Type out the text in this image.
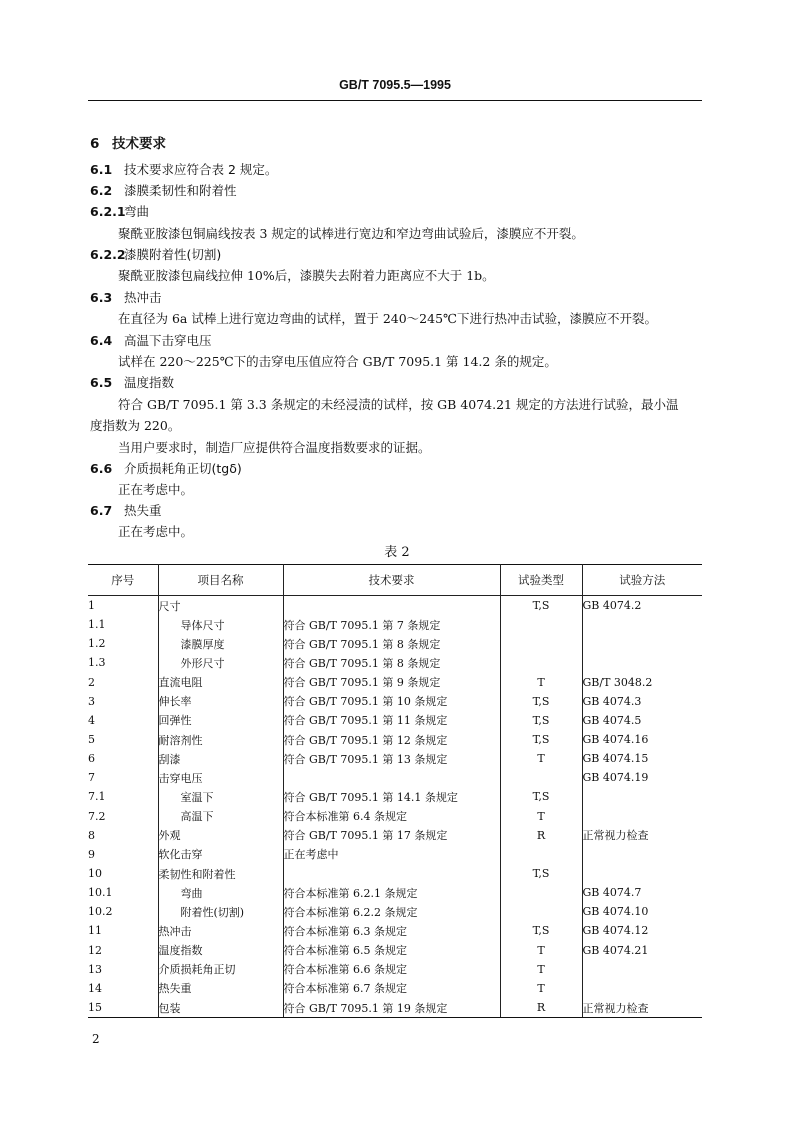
GB/T 7095.5—1995
6 技术要求
6.1 技术要求应符合表 2 规定。
6.2 漆膜柔韧性和附着性
6.2.1弯曲
聚酰亚胺漆包铜扁线按表 3 规定的试棒进行宽边和窄边弯曲试验后，漆膜应不开裂。
6.2.2漆膜附着性(切割)
聚酰亚胺漆包扁线拉伸 10%后，漆膜失去附着力距离应不大于 1b。
6.3 热冲击
在直径为 6a 试棒上进行宽边弯曲的试样，置于 240～245℃下进行热冲击试验，漆膜应不开裂。
6.4 高温下击穿电压
试样在 220～225℃下的击穿电压值应符合 GB/T 7095.1 第 14.2 条的规定。
6.5 温度指数
符合 GB/T 7095.1 第 3.3 条规定的未经浸渍的试样，按 GB 4074.21 规定的方法进行试验，最小温
度指数为 220。
当用户要求时，制造厂应提供符合温度指数要求的证据。
6.6 介质损耗角正切(tgδ)
正在考虑中。
6.7 热失重
正在考虑中。
表 2
序号	项目名称	技术要求	试验类型	试验方法
1	尺寸		T,S	GB 4074.2
1.1	导体尺寸	符合 GB/T 7095.1 第 7 条规定		
1.2	漆膜厚度	符合 GB/T 7095.1 第 8 条规定		
1.3	外形尺寸	符合 GB/T 7095.1 第 8 条规定		
2	直流电阻	符合 GB/T 7095.1 第 9 条规定	T	GB/T 3048.2
3	伸长率	符合 GB/T 7095.1 第 10 条规定	T,S	GB 4074.3
4	回弹性	符合 GB/T 7095.1 第 11 条规定	T,S	GB 4074.5
5	耐溶剂性	符合 GB/T 7095.1 第 12 条规定	T,S	GB 4074.16
6	刮漆	符合 GB/T 7095.1 第 13 条规定	T	GB 4074.15
7	击穿电压			GB 4074.19
7.1	室温下	符合 GB/T 7095.1 第 14.1 条规定	T,S	
7.2	高温下	符合本标准第 6.4 条规定	T	
8	外观	符合 GB/T 7095.1 第 17 条规定	R	正常视力检查
9	软化击穿	正在考虑中		
10	柔韧性和附着性		T,S	
10.1	弯曲	符合本标准第 6.2.1 条规定		GB 4074.7
10.2	附着性(切割)	符合本标准第 6.2.2 条规定		GB 4074.10
11	热冲击	符合本标准第 6.3 条规定	T,S	GB 4074.12
12	温度指数	符合本标准第 6.5 条规定	T	GB 4074.21
13	介质损耗角正切	符合本标准第 6.6 条规定	T	
14	热失重	符合本标准第 6.7 条规定	T	
15	包装	符合 GB/T 7095.1 第 19 条规定	R	正常视力检查
2
